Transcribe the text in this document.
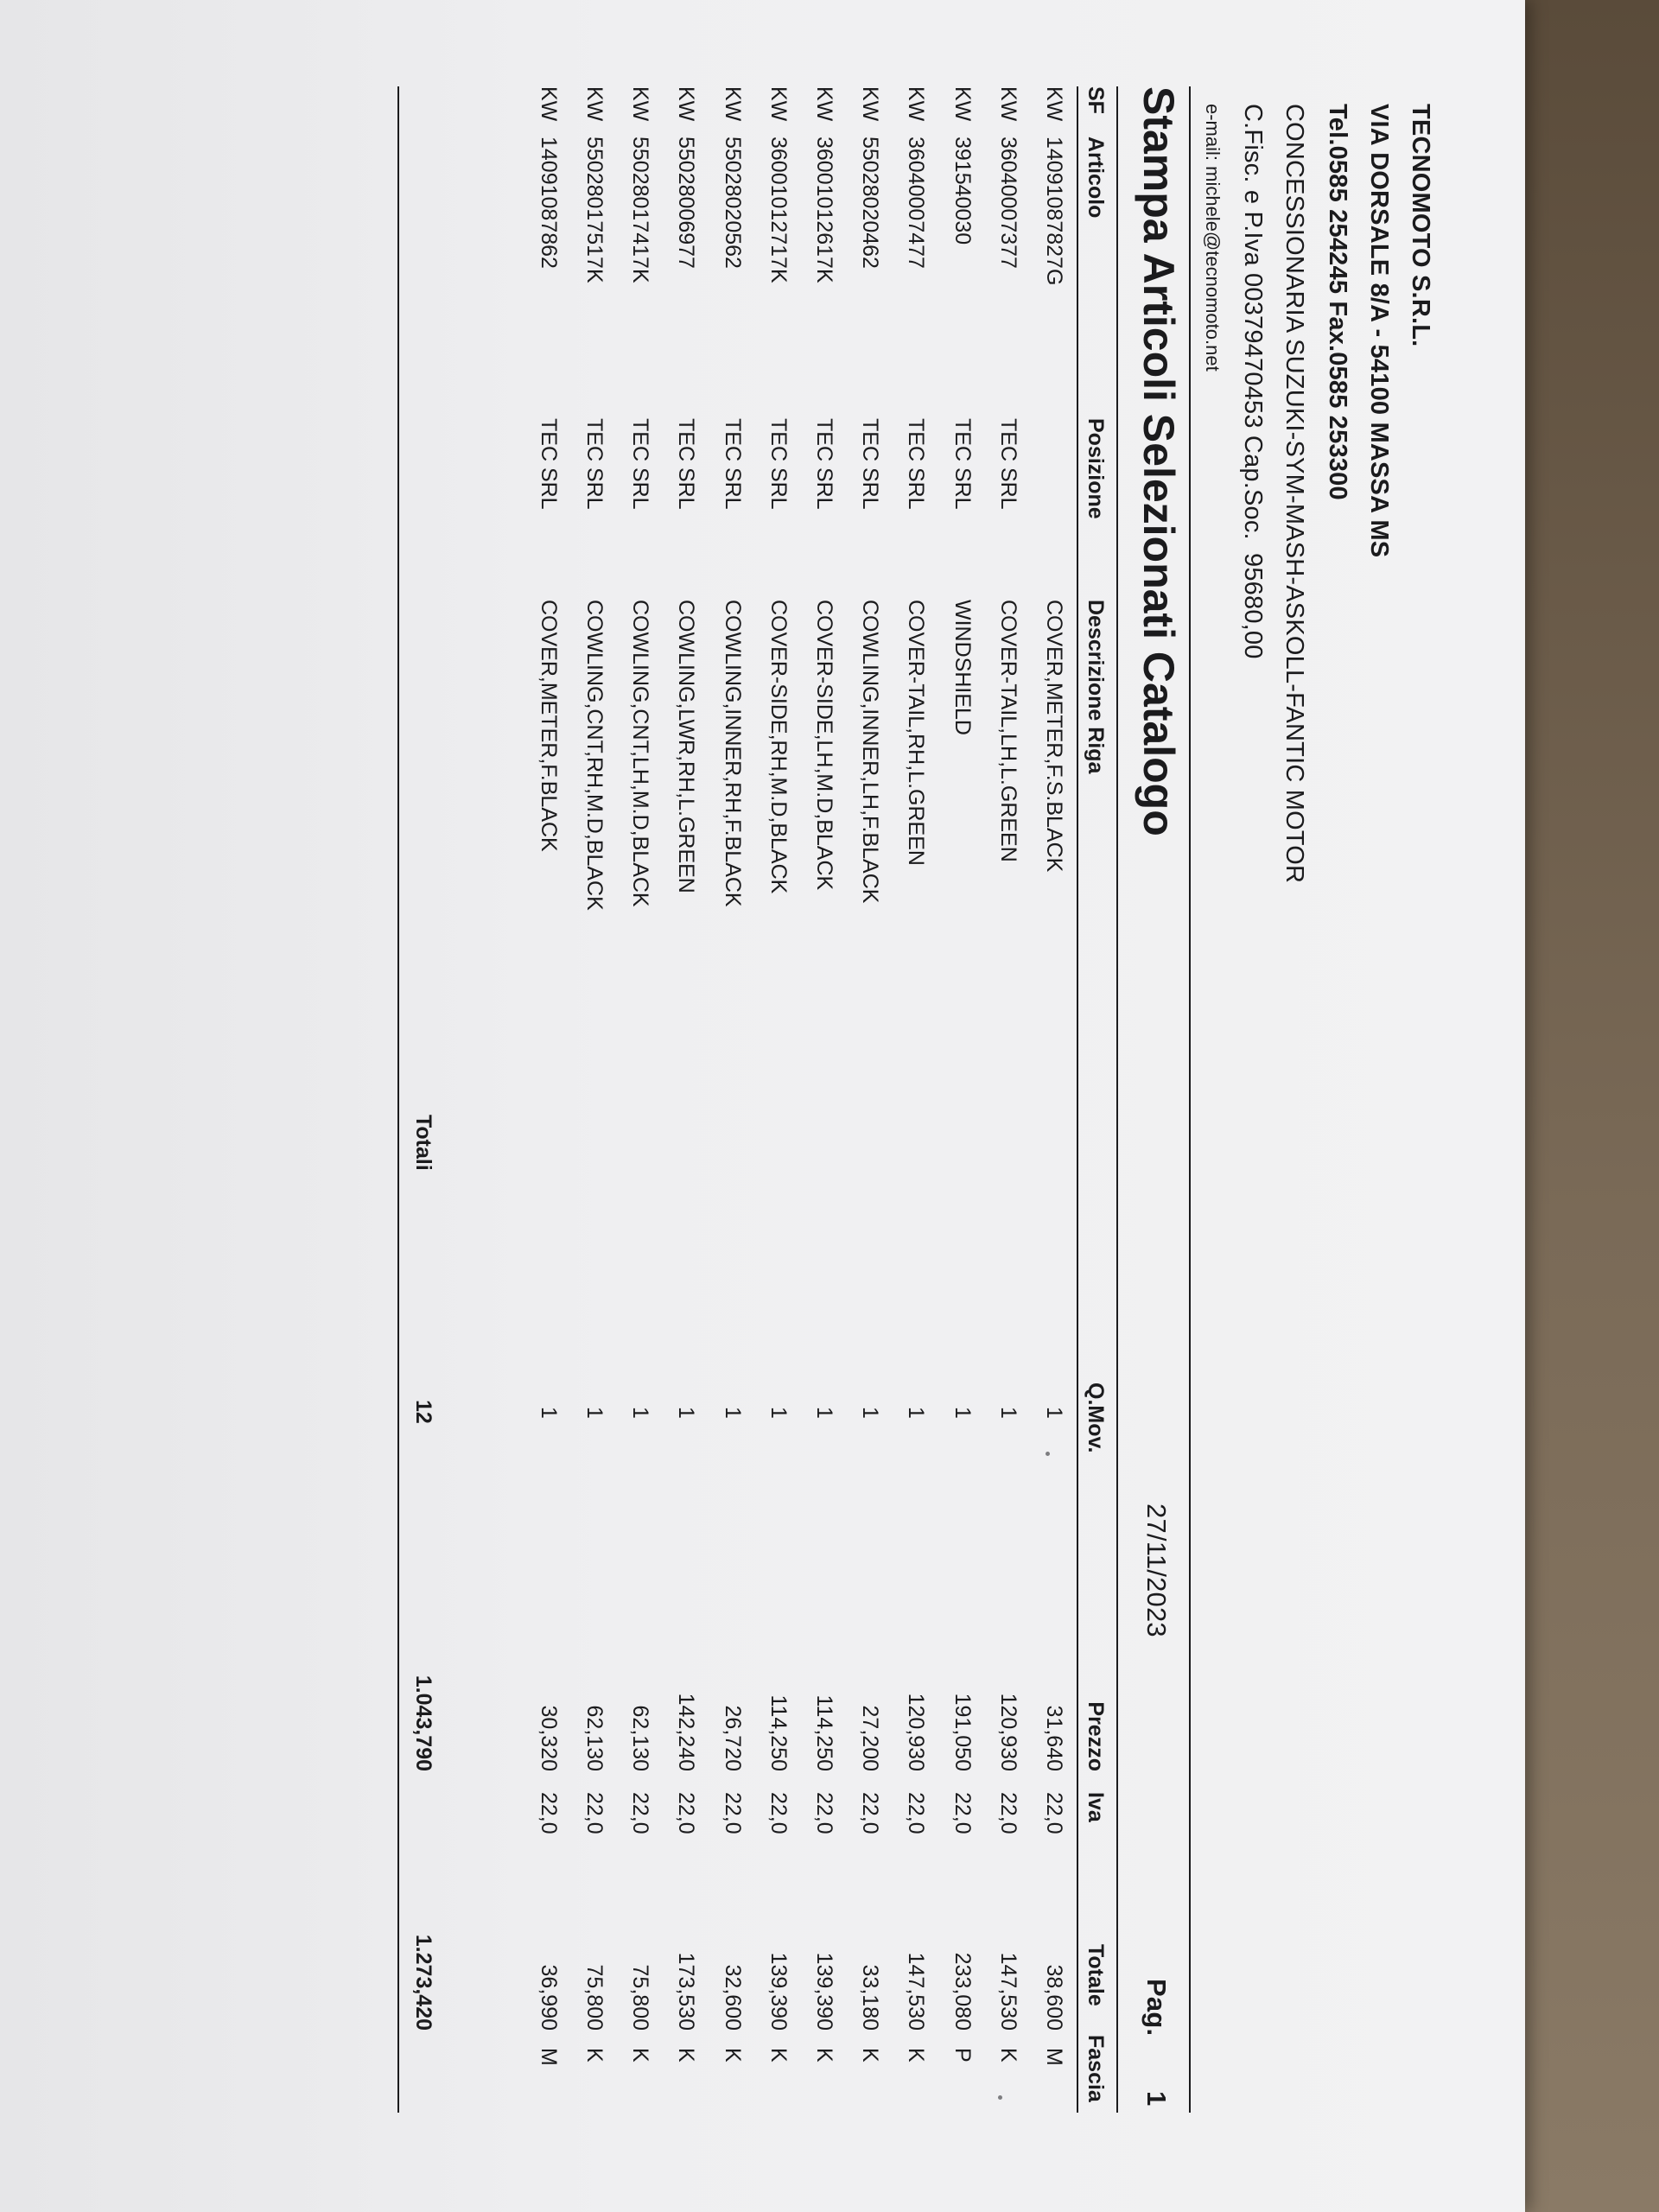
TECNOMOTO S.R.L.
VIA DORSALE 8/A - 54100 MASSA MS
Tel.0585 254245 Fax.0585 253300
CONCESSIONARIA SUZUKI-SYM-MASH-ASKOLL-FANTIC MOTOR
C.Fisc. e P.Iva 00379470453 Cap.Soc.
95680,00
e-mail: michele@tecnomoto.net
Stampa Articoli Selezionati Catalogo
27/11/2023
Pag.
1
SF
Articolo
Posizione
Descrizione Riga
Q.Mov.
Prezzo
Iva
Totale
Fascia
KW
14091087827G
COVER,METER,F.S.BLACK
1
31,640
22,0
38,600
M
KW
36040007377
TEC SRL
COVER-TAIL,LH,L.GREEN
1
120,930
22,0
147,530
K
KW
391540030
TEC SRL
WINDSHIELD
1
191,050
22,0
233,080
P
KW
36040007477
TEC SRL
COVER-TAIL,RH,L.GREEN
1
120,930
22,0
147,530
K
KW
55028020462
TEC SRL
COWLING,INNER,LH,F.BLACK
1
27,200
22,0
33,180
K
KW
36001012617K
TEC SRL
COVER-SIDE,LH,M.D,BLACK
1
114,250
22,0
139,390
K
KW
36001012717K
TEC SRL
COVER-SIDE,RH,M.D,BLACK
1
114,250
22,0
139,390
K
KW
55028020562
TEC SRL
COWLING,INNER,RH,F.BLACK
1
26,720
22,0
32,600
K
KW
55028006977
TEC SRL
COWLING,LWR,RH,L.GREEN
1
142,240
22,0
173,530
K
KW
55028017417K
TEC SRL
COWLING,CNT,LH,M.D,BLACK
1
62,130
22,0
75,800
K
KW
55028017517K
TEC SRL
COWLING,CNT,RH,M.D,BLACK
1
62,130
22,0
75,800
K
KW
14091087862
TEC SRL
COVER,METER,F.BLACK
1
30,320
22,0
36,990
M
Totali
12
1.043,790
1.273,420
